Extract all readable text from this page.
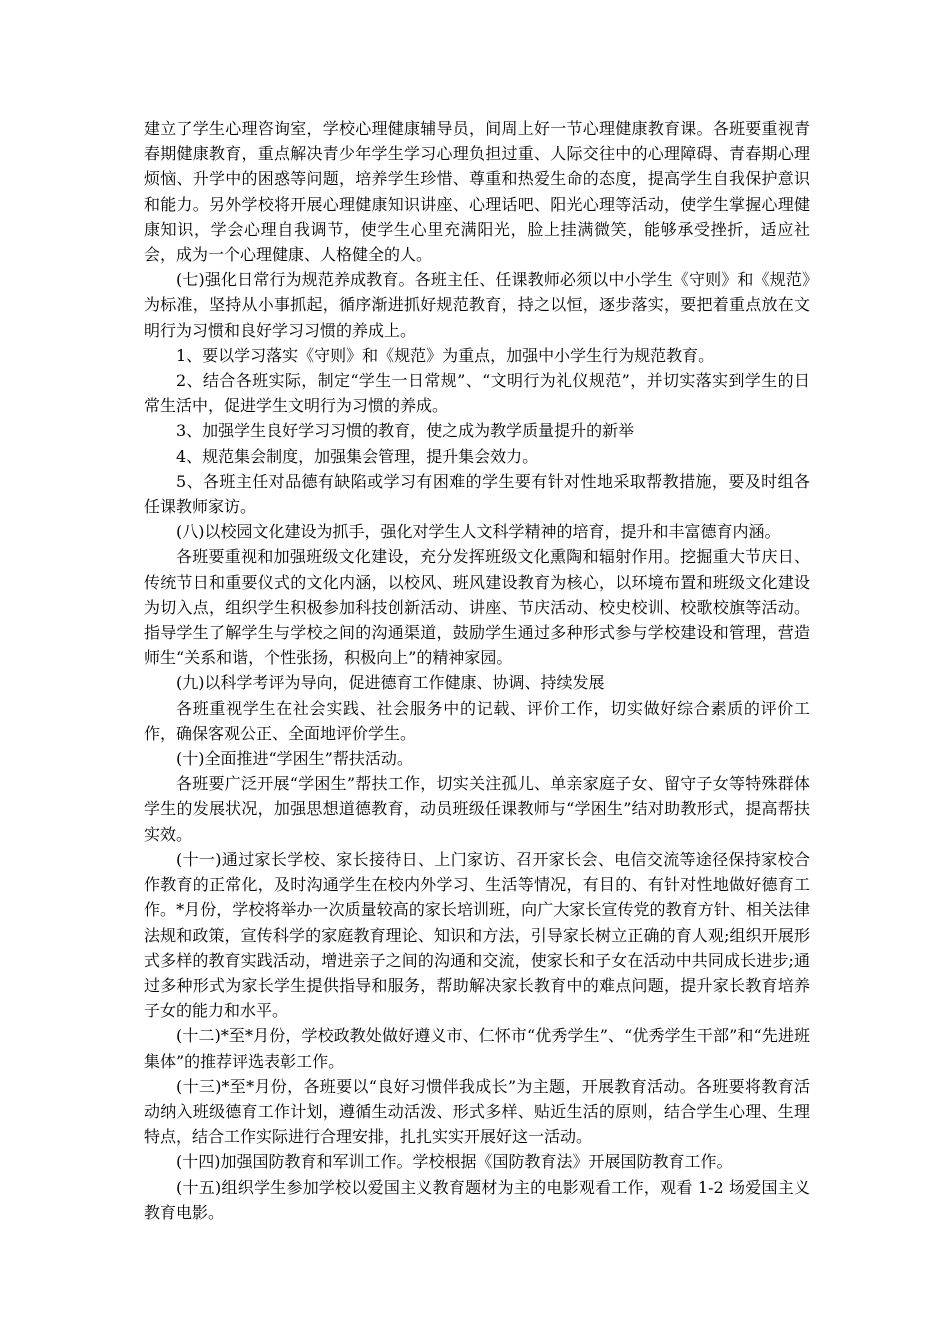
建立了学生心理咨询室，学校心理健康辅导员，间周上好一节心理健康教育课。各班要重视青春期健康教育，重点解决青少年学生学习心理负担过重、人际交往中的心理障碍、青春期心理烦恼、升学中的困惑等问题，培养学生珍惜、尊重和热爱生命的态度，提高学生自我保护意识和能力。另外学校将开展心理健康知识讲座、心理话吧、阳光心理等活动，使学生掌握心理健康知识，学会心理自我调节，使学生心里充满阳光，脸上挂满微笑，能够承受挫折，适应社会，成为一个心理健康、人格健全的人。

(七)强化日常行为规范养成教育。各班主任、任课教师必须以中小学生《守则》和《规范》为标准，坚持从小事抓起，循序渐进抓好规范教育，持之以恒，逐步落实，要把着重点放在文明行为习惯和良好学习习惯的养成上。

1、要以学习落实《守则》和《规范》为重点，加强中小学生行为规范教育。

2、结合各班实际，制定“学生一日常规”、“文明行为礼仪规范”，并切实落实到学生的日常生活中，促进学生文明行为习惯的养成。

3、加强学生良好学习习惯的教育，使之成为教学质量提升的新举

4、规范集会制度，加强集会管理，提升集会效力。

5、各班主任对品德有缺陷或学习有困难的学生要有针对性地采取帮教措施，要及时组各任课教师家访。

(八)以校园文化建设为抓手，强化对学生人文科学精神的培育，提升和丰富德育内涵。

各班要重视和加强班级文化建设，充分发挥班级文化熏陶和辐射作用。挖掘重大节庆日、传统节日和重要仪式的文化内涵，以校风、班风建设教育为核心，以环境布置和班级文化建设为切入点，组织学生积极参加科技创新活动、讲座、节庆活动、校史校训、校歌校旗等活动。指导学生了解学生与学校之间的沟通渠道，鼓励学生通过多种形式参与学校建设和管理，营造师生“关系和谐，个性张扬，积极向上”的精神家园。

(九)以科学考评为导向，促进德育工作健康、协调、持续发展

各班重视学生在社会实践、社会服务中的记载、评价工作，切实做好综合素质的评价工作，确保客观公正、全面地评价学生。

(十)全面推进“学困生”帮扶活动。

各班要广泛开展“学困生”帮扶工作，切实关注孤儿、单亲家庭子女、留守子女等特殊群体学生的发展状况，加强思想道德教育，动员班级任课教师与“学困生”结对助教形式，提高帮扶实效。

(十一)通过家长学校、家长接待日、上门家访、召开家长会、电信交流等途径保持家校合作教育的正常化，及时沟通学生在校内外学习、生活等情况，有目的、有针对性地做好德育工作。*月份，学校将举办一次质量较高的家长培训班，向广大家长宣传党的教育方针、相关法律法规和政策，宣传科学的家庭教育理论、知识和方法，引导家长树立正确的育人观;组织开展形式多样的教育实践活动，增进亲子之间的沟通和交流，使家长和子女在活动中共同成长进步;通过多种形式为家长学生提供指导和服务，帮助解决家长教育中的难点问题，提升家长教育培养子女的能力和水平。

(十二)*至*月份，学校政教处做好遵义市、仁怀市“优秀学生”、“优秀学生干部”和“先进班集体”的推荐评选表彰工作。

(十三)*至*月份，各班要以“良好习惯伴我成长”为主题，开展教育活动。各班要将教育活动纳入班级德育工作计划，遵循生动活泼、形式多样、贴近生活的原则，结合学生心理、生理特点，结合工作实际进行合理安排，扎扎实实开展好这一活动。

(十四)加强国防教育和军训工作。学校根据《国防教育法》开展国防教育工作。

(十五)组织学生参加学校以爱国主义教育题材为主的电影观看工作，观看 1-2 场爱国主义教育电影。
